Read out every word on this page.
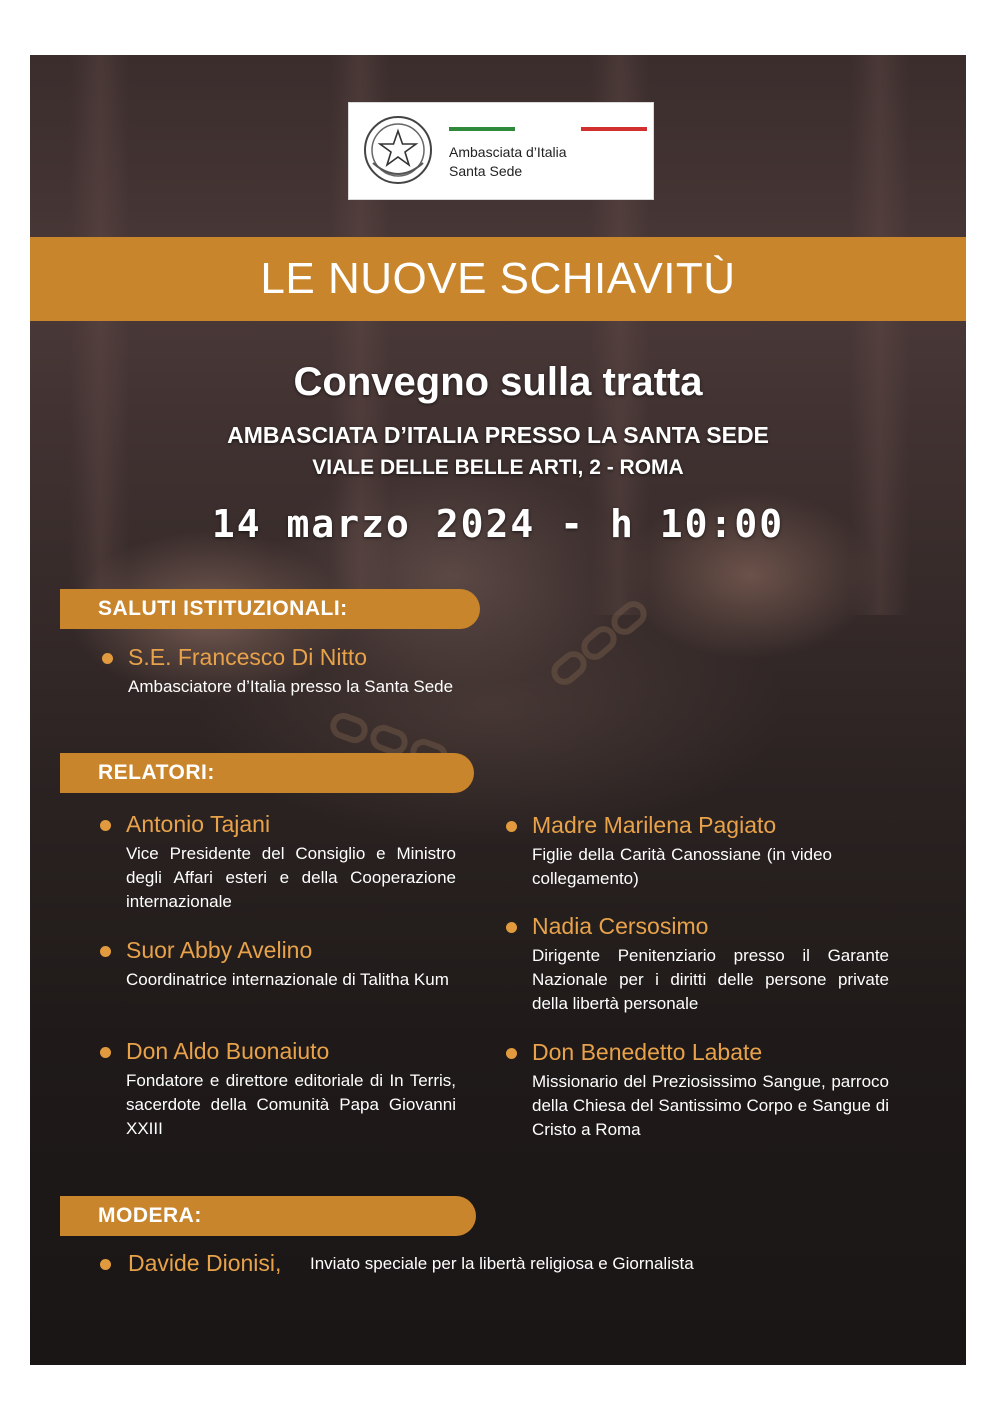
Ambasciata d’Italia
Santa Sede
LE NUOVE SCHIAVITÙ
Convegno sulla tratta
AMBASCIATA D’ITALIA PRESSO LA SANTA SEDE
VIALE DELLE BELLE ARTI, 2 - ROMA
14 marzo 2024 - h 10:00
SALUTI ISTITUZIONALI:
S.E. Francesco Di Nitto
Ambasciatore d’Italia presso la Santa Sede
RELATORI:
Antonio Tajani
Vice Presidente del Consiglio e Ministro degli Affari esteri e della Cooperazione internazionale
Suor Abby Avelino
Coordinatrice internazionale di Talitha Kum
Don Aldo Buonaiuto
Fondatore e direttore editoriale di In Terris, sacerdote della Comunità Papa Giovanni XXIII
Madre Marilena Pagiato
Figlie della Carità Canossiane (in video collegamento)
Nadia Cersosimo
Dirigente Penitenziario presso il Garante Nazionale per i diritti delle persone private della libertà personale
Don Benedetto Labate
Missionario del Preziosissimo Sangue, parroco della Chiesa del Santissimo Corpo e Sangue di Cristo a Roma
MODERA:
Davide Dionisi, Inviato speciale per la libertà religiosa e Giornalista
